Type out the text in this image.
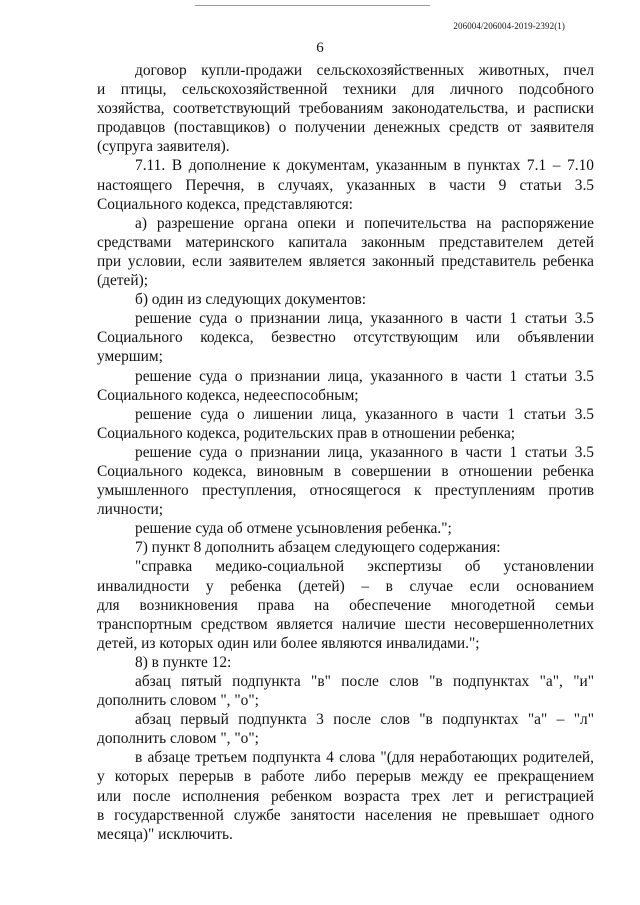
206004/206004-2019-2392(1)
6
договор купли-продажи сельскохозяйственных животных, пчел
и птицы, сельскохозяйственной техники для личного подсобного
хозяйства, соответствующий требованиям законодательства, и расписки
продавцов (поставщиков) о получении денежных средств от заявителя
(супруга заявителя).
7.11. В дополнение к документам, указанным в пунктах 7.1 – 7.10
настоящего Перечня, в случаях, указанных в части 9 статьи 3.5
Социального кодекса, представляются:
а) разрешение органа опеки и попечительства на распоряжение
средствами материнского капитала законным представителем детей
при условии, если заявителем является законный представитель ребенка
(детей);
б) один из следующих документов:
решение суда о признании лица, указанного в части 1 статьи 3.5
Социального кодекса, безвестно отсутствующим или объявлении
умершим;
решение суда о признании лица, указанного в части 1 статьи 3.5
Социального кодекса, недееспособным;
решение суда о лишении лица, указанного в части 1 статьи 3.5
Социального кодекса, родительских прав в отношении ребенка;
решение суда о признании лица, указанного в части 1 статьи 3.5
Социального кодекса, виновным в совершении в отношении ребенка
умышленного преступления, относящегося к преступлениям против
личности;
решение суда об отмене усыновления ребенка.";
7) пункт 8 дополнить абзацем следующего содержания:
"справка медико-социальной экспертизы об установлении
инвалидности у ребенка (детей) – в случае если основанием
для возникновения права на обеспечение многодетной семьи
транспортным средством является наличие шести несовершеннолетних
детей, из которых один или более являются инвалидами.";
8) в пункте 12:
абзац пятый подпункта "в" после слов "в подпунктах "а", "и"
дополнить словом ", "о";
абзац первый подпункта 3 после слов "в подпунктах "а" – "л"
дополнить словом ", "о";
в абзаце третьем подпункта 4 слова "(для неработающих родителей,
у которых перерыв в работе либо перерыв между ее прекращением
или после исполнения ребенком возраста трех лет и регистрацией
в государственной службе занятости населения не превышает одного
месяца)" исключить.
